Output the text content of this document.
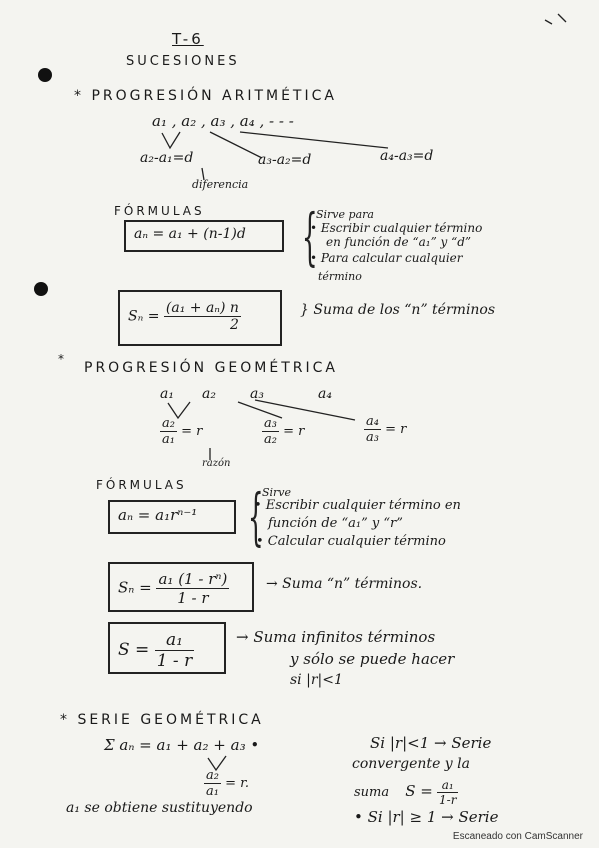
T-6
SUCESIONES
* PROGRESIÓN ARITMÉTICA
a₁ , a₂ , a₃ , a₄ , - - -
a₂-a₁=d	a₃-a₂=d	a₄-a₃=d
diferencia
FÓRMULAS
aₙ = a₁ + (n-1)d {
Sirve para
• Escribir cualquier término
en función de “a₁” y “d”
• Para calcular cualquier
término
$S_n = \frac{\text{(a₁ + aₙ) n}}{2}$	} Suma de los “n” términos
*
PROGRESIÓN GEOMÉTRICA
a₁ a₂ a₃	a₄
$\frac{\text{a₂}}{\text{a₁}} = r$	$\frac{\text{a₃}}{\text{a₂}} = r$	$\frac{\text{a₄}}{\text{a₃}} = r$
razón
FÓRMULAS
aₙ = a₁rⁿ⁻¹ {
Sirve
• Escribir cualquier término en
función de “a₁” y “r”
• Calcular cualquier término
$S_n = \frac{\text{a₁ (1 - rⁿ)}}{1 - r}$	→ Suma “n” términos.
$S = \frac{\text{a₁}}{1 - r}$	→ Suma infinitos términos
y sólo se puede hacer
si |r|<1
* SERIE GEOMÉTRICA
Σ aₙ = a₁ + a₂ + a₃ •
$\frac{\text{a₂}}{\text{a₁}} = r$.
Si |r|<1 → Serie
convergente y la
suma $S = \frac{\text{a₁}}{1-r}$
a₁ se obtiene sustituyendo	• Si |r| ≥ 1 → Serie
Escaneado con CamScanner
